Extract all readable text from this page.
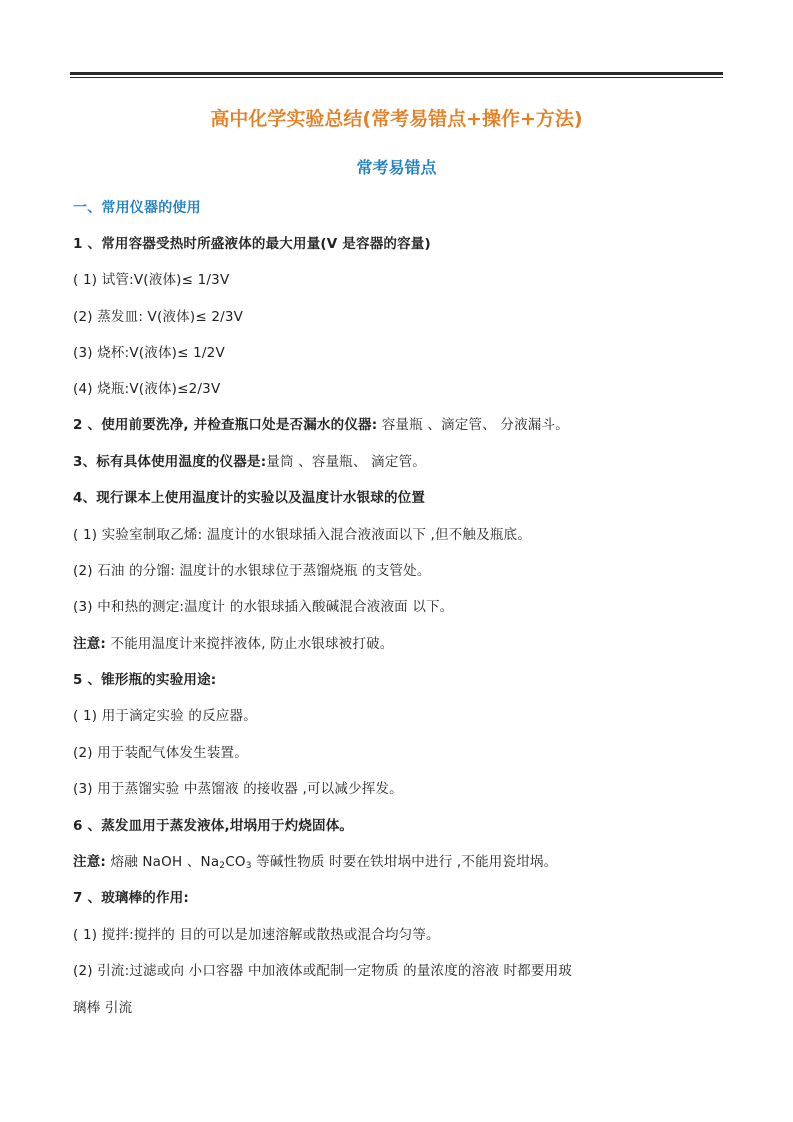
高中化学实验总结(常考易错点+操作+方法)
常考易错点
一、常用仪器的使用
1 、常用容器受热时所盛液体的最大用量(V 是容器的容量)
( 1) 试管:V(液体)≤ 1/3V
(2) 蒸发皿: V(液体)≤ 2/3V
(3) 烧杯:V(液体)≤ 1/2V
(4) 烧瓶:V(液体)≤2/3V
2 、使用前要洗净, 并检查瓶口处是否漏水的仪器: 容量瓶 、滴定管、 分液漏斗。
3、标有具体使用温度的仪器是:量筒 、容量瓶、 滴定管。
4、现行课本上使用温度计的实验以及温度计水银球的位置
( 1) 实验室制取乙烯: 温度计的水银球插入混合液液面以下 ,但不触及瓶底。
(2) 石油 的分馏: 温度计的水银球位于蒸馏烧瓶 的支管处。
(3) 中和热的测定:温度计 的水银球插入酸碱混合液液面 以下。
注意: 不能用温度计来搅拌液体, 防止水银球被打破。
5 、锥形瓶的实验用途:
( 1) 用于滴定实验 的反应器。
(2) 用于装配气体发生装置。
(3) 用于蒸馏实验 中蒸馏液 的接收器 ,可以减少挥发。
6 、蒸发皿用于蒸发液体,坩埚用于灼烧固体。
注意: 熔融 NaOH 、$Na_2CO_3$ 等碱性物质 时要在铁坩埚中进行 ,不能用瓷坩埚。
7 、玻璃棒的作用:
( 1) 搅拌:搅拌的 目的可以是加速溶解或散热或混合均匀等。
(2) 引流:过滤或向 小口容器 中加液体或配制一定物质 的量浓度的溶液 时都要用玻
璃棒 引流
